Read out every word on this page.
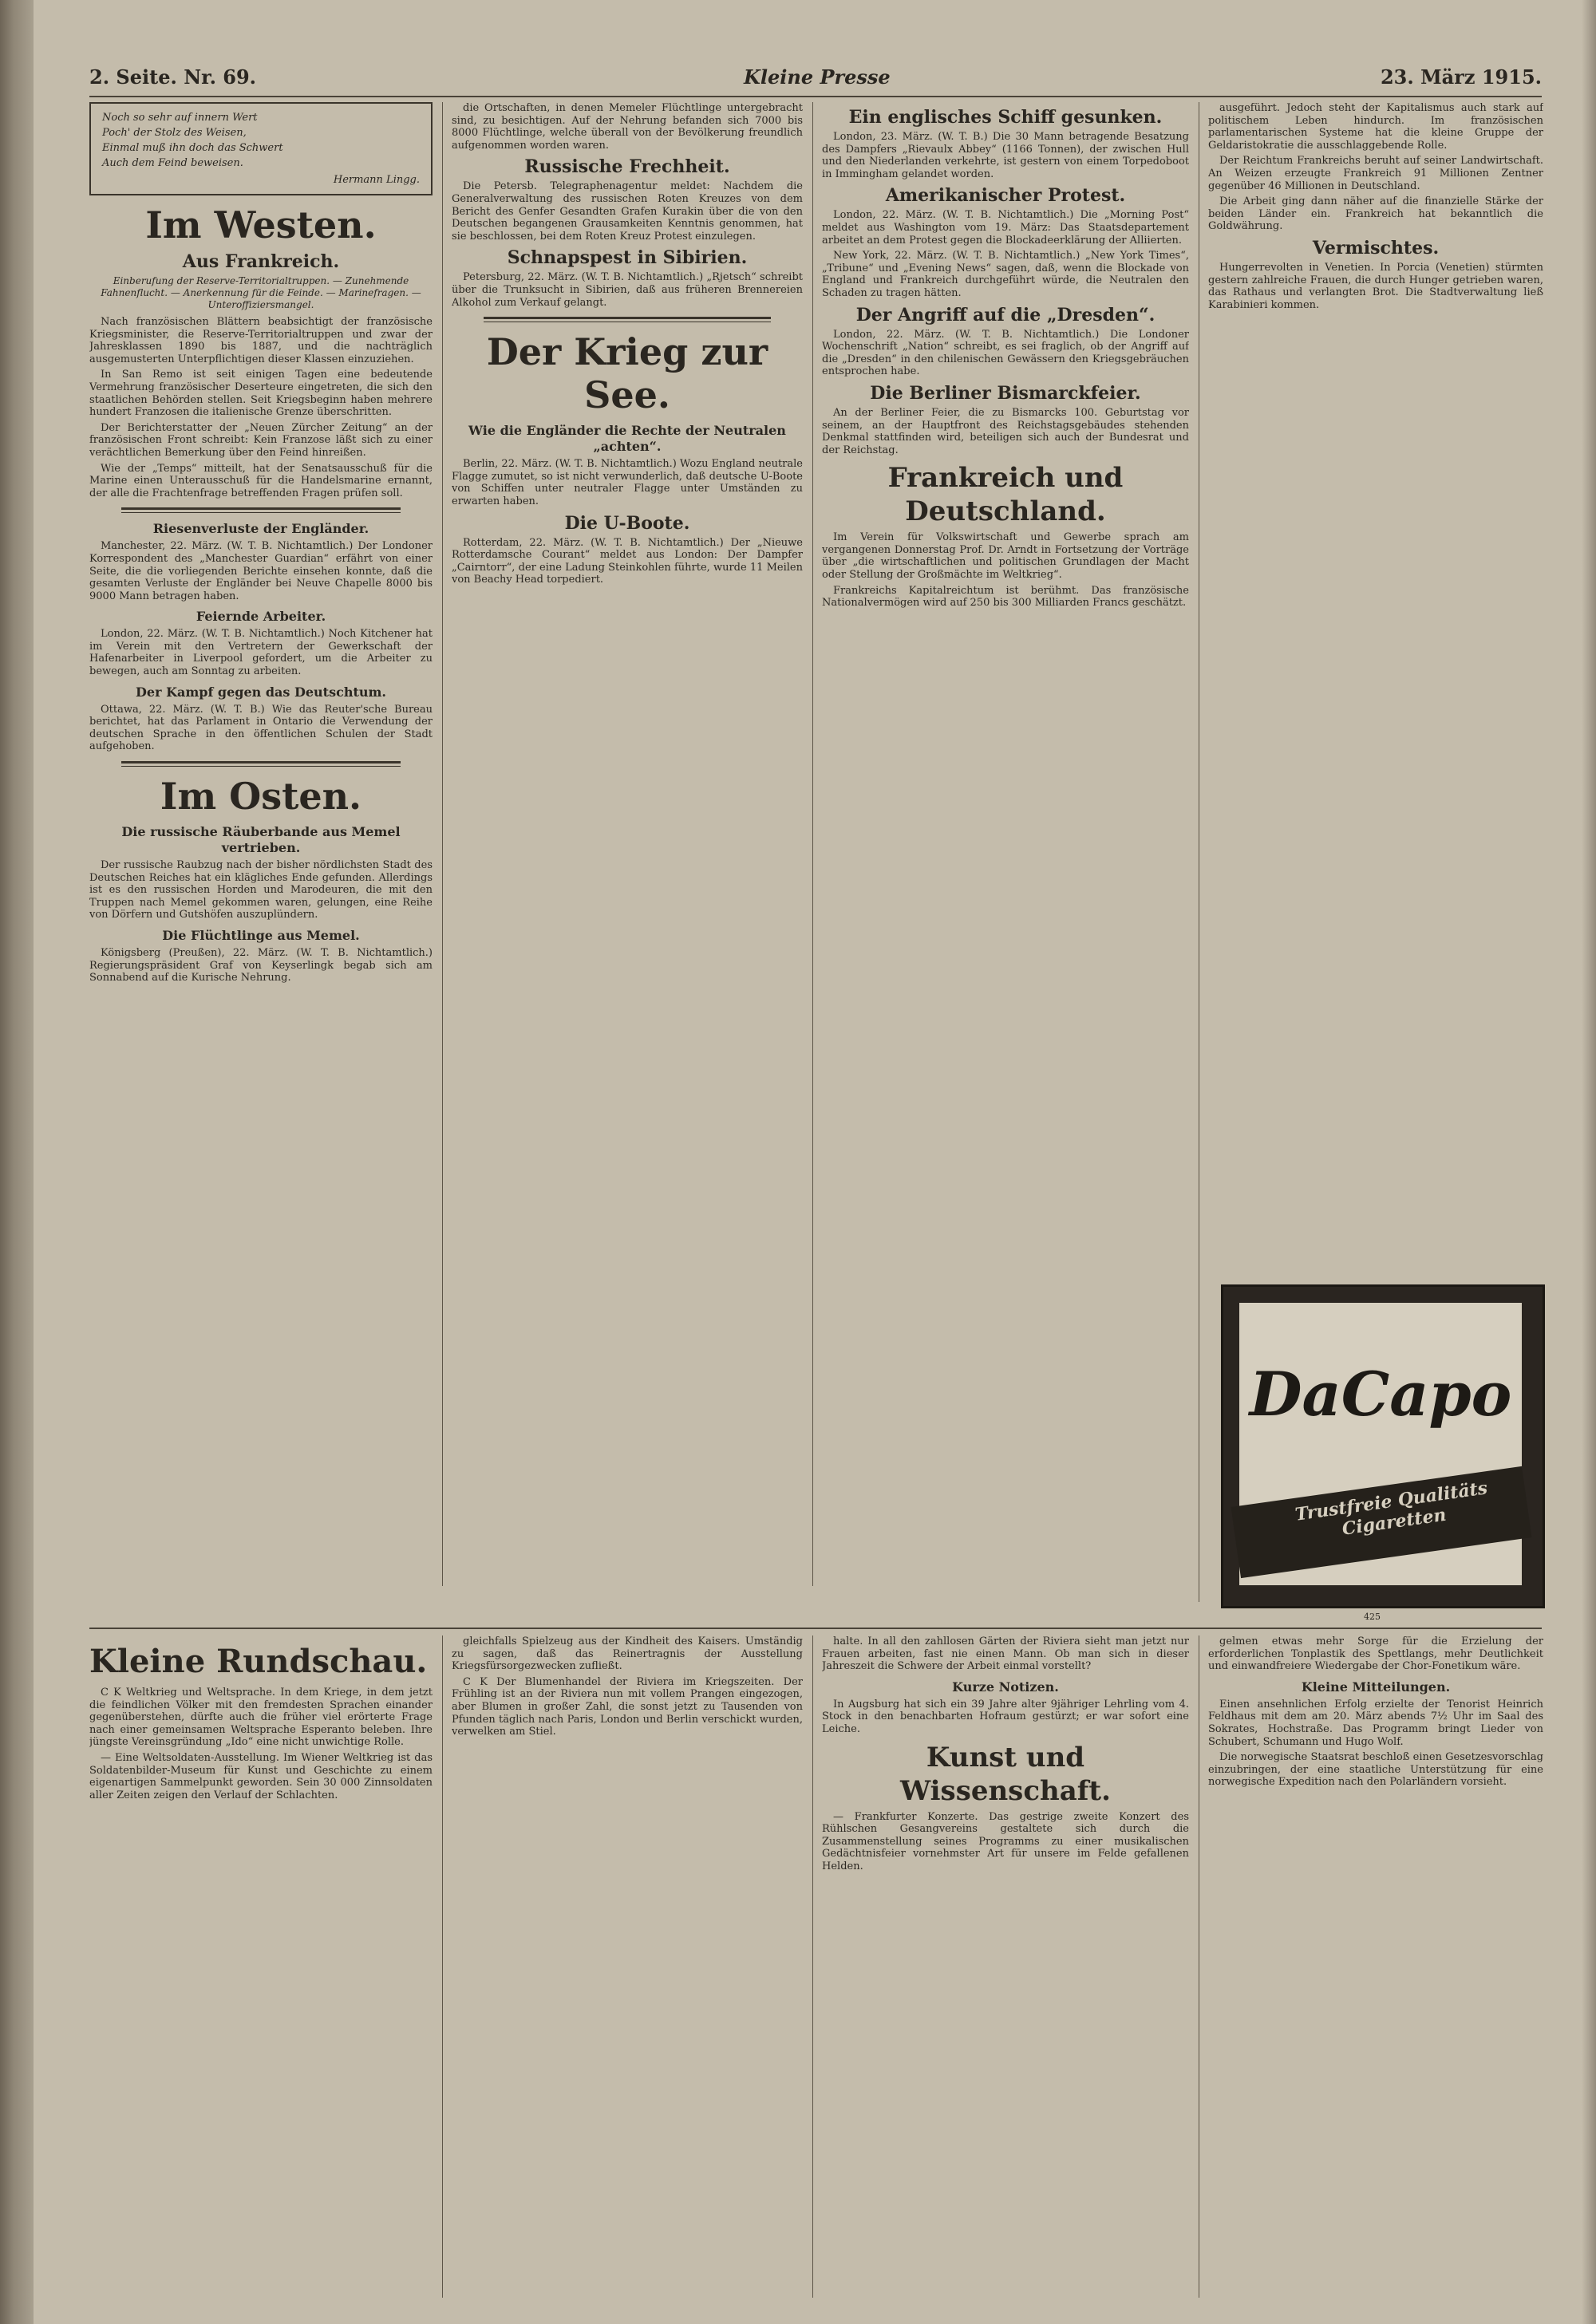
2. Seite. Nr. 69.	Kleine Presse	23. März 1915.
Noch so sehr auf innern Wert
Poch' der Stolz des Weisen,
Einmal muß ihn doch das Schwert
Auch dem Feind beweisen.
Hermann Lingg.
Im Westen.
Aus Frankreich.
Einberufung der Reserve-Territorialtruppen. — Zunehmende Fahnenflucht. — Anerkennung für die Feinde. — Marinefragen. — Unteroffiziersmangel.

Nach französischen Blättern beabsichtigt der französische Kriegsminister, die Reserve-Territorialtruppen und zwar der Jahresklassen 1890 bis 1887, und die nachträglich ausgemusterten Unterpflichtigen dieser Klassen einzuziehen.

In San Remo ist seit einigen Tagen eine bedeutende Vermehrung französischer Deserteure eingetreten, die sich den staatlichen Behörden stellen. Seit Kriegsbeginn haben mehrere hundert Franzosen die italienische Grenze überschritten.

Der Berichterstatter der „Neuen Zürcher Zeitung“ an der französischen Front schreibt: Kein Franzose läßt sich zu einer verächtlichen Bemerkung über den Feind hinreißen.

Wie der „Temps“ mitteilt, hat der Senatsausschuß für die Marine einen Unterausschuß für die Handelsmarine ernannt, der alle die Frachtenfrage betreffenden Fragen prüfen soll.

Riesenverluste der Engländer.

Manchester, 22. März. (W. T. B. Nichtamtlich.) Der Londoner Korrespondent des „Manchester Guardian“ erfährt von einer Seite, die die vorliegenden Berichte einsehen konnte, daß die gesamten Verluste der Engländer bei Neuve Chapelle 8000 bis 9000 Mann betragen haben.

Feiernde Arbeiter.

London, 22. März. (W. T. B. Nichtamtlich.) Noch Kitchener hat im Verein mit den Vertretern der Gewerkschaft der Hafenarbeiter in Liverpool gefordert, um die Arbeiter zu bewegen, auch am Sonntag zu arbeiten.

Der Kampf gegen das Deutschtum.

Ottawa, 22. März. (W. T. B.) Wie das Reuter'sche Bureau berichtet, hat das Parlament in Ontario die Verwendung der deutschen Sprache in den öffentlichen Schulen der Stadt aufgehoben.

Im Osten.
Die russische Räuberbande aus Memel vertrieben.

Der russische Raubzug nach der bisher nördlichsten Stadt des Deutschen Reiches hat ein klägliches Ende gefunden. Allerdings ist es den russischen Horden und Marodeuren, die mit den Truppen nach Memel gekommen waren, gelungen, eine Reihe von Dörfern und Gutshöfen auszuplündern.

Die Flüchtlinge aus Memel.

Königsberg (Preußen), 22. März. (W. T. B. Nichtamtlich.) Regierungspräsident Graf von Keyserlingk begab sich am Sonnabend auf die Kurische Nehrung.

die Ortschaften, in denen Memeler Flüchtlinge untergebracht sind, zu besichtigen. Auf der Nehrung befanden sich 7000 bis 8000 Flüchtlinge, welche überall von der Bevölkerung freundlich aufgenommen worden waren.

Russische Frechheit.

Die Petersb. Telegraphenagentur meldet: Nachdem die Generalverwaltung des russischen Roten Kreuzes von dem Bericht des Genfer Gesandten Grafen Kurakin über die von den Deutschen begangenen Grausamkeiten Kenntnis genommen, hat sie beschlossen, bei dem Roten Kreuz Protest einzulegen.

Schnapspest in Sibirien.

Petersburg, 22. März. (W. T. B. Nichtamtlich.) „Rjetsch“ schreibt über die Trunksucht in Sibirien, daß aus früheren Brennereien Alkohol zum Verkauf gelangt.

Der Krieg zur See.
Wie die Engländer die Rechte der Neutralen „achten“.

Berlin, 22. März. (W. T. B. Nichtamtlich.) Wozu England neutrale Flagge zumutet, so ist nicht verwunderlich, daß deutsche U-Boote von Schiffen unter neutraler Flagge unter Umständen zu erwarten haben.

Die U-Boote.

Rotterdam, 22. März. (W. T. B. Nichtamtlich.) Der „Nieuwe Rotterdamsche Courant“ meldet aus London: Der Dampfer „Cairntorr“, der eine Ladung Steinkohlen führte, wurde 11 Meilen von Beachy Head torpediert.

Ein englisches Schiff gesunken.

London, 23. März. (W. T. B.) Die 30 Mann betragende Besatzung des Dampfers „Rievaulx Abbey“ (1166 Tonnen), der zwischen Hull und den Niederlanden verkehrte, ist gestern von einem Torpedoboot in Immingham gelandet worden.

Amerikanischer Protest.

London, 22. März. (W. T. B. Nichtamtlich.) Die „Morning Post“ meldet aus Washington vom 19. März: Das Staatsdepartement arbeitet an dem Protest gegen die Blockadeerklärung der Alliierten.

New York, 22. März. (W. T. B. Nichtamtlich.) „New York Times“, „Tribune“ und „Evening News“ sagen, daß, wenn die Blockade von England und Frankreich durchgeführt würde, die Neutralen den Schaden zu tragen hätten.

Der Angriff auf die „Dresden“.

London, 22. März. (W. T. B. Nichtamtlich.) Die Londoner Wochenschrift „Nation“ schreibt, es sei fraglich, ob der Angriff auf die „Dresden“ in den chilenischen Gewässern den Kriegsgebräuchen entsprochen habe.

Die Berliner Bismarckfeier.

An der Berliner Feier, die zu Bismarcks 100. Geburtstag vor seinem, an der Hauptfront des Reichstagsgebäudes stehenden Denkmal stattfinden wird, beteiligen sich auch der Bundesrat und der Reichstag.

Frankreich und Deutschland.

Im Verein für Volkswirtschaft und Gewerbe sprach am vergangenen Donnerstag Prof. Dr. Arndt in Fortsetzung der Vorträge über „die wirtschaftlichen und politischen Grundlagen der Macht oder Stellung der Großmächte im Weltkrieg“.

Frankreichs Kapitalreichtum ist berühmt. Das französische Nationalvermögen wird auf 250 bis 300 Milliarden Francs geschätzt.

ausgeführt. Jedoch steht der Kapitalismus auch stark auf politischem Leben hindurch. Im französischen parlamentarischen Systeme hat die kleine Gruppe der Geldaristokratie die ausschlaggebende Rolle.

Der Reichtum Frankreichs beruht auf seiner Landwirtschaft. An Weizen erzeugte Frankreich 91 Millionen Zentner gegenüber 46 Millionen in Deutschland.

Die Arbeit ging dann näher auf die finanzielle Stärke der beiden Länder ein. Frankreich hat bekanntlich die Goldwährung.

Vermischtes.

Hungerrevolten in Venetien. In Porcia (Venetien) stürmten gestern zahlreiche Frauen, die durch Hunger getrieben waren, das Rathaus und verlangten Brot. Die Stadtverwaltung ließ Karabinieri kommen.

DaCapo
Trustfreie Qualitäts Cigaretten
425
Kleine Rundschau.

C K Weltkrieg und Weltsprache. In dem Kriege, in dem jetzt die feindlichen Völker mit den fremdesten Sprachen einander gegenüberstehen, dürfte auch die früher viel erörterte Frage nach einer gemeinsamen Weltsprache Esperanto beleben. Ihre jüngste Vereinsgründung „Ido“ eine nicht unwichtige Rolle.

— Eine Weltsoldaten-Ausstellung. Im Wiener Weltkrieg ist das Soldatenbilder-Museum für Kunst und Geschichte zu einem eigenartigen Sammelpunkt geworden. Sein 30 000 Zinnsoldaten aller Zeiten zeigen den Verlauf der Schlachten.

gleichfalls Spielzeug aus der Kindheit des Kaisers. Umständig zu sagen, daß das Reinertragnis der Ausstellung Kriegsfürsorgezwecken zufließt.

C K Der Blumenhandel der Riviera im Kriegszeiten. Der Frühling ist an der Riviera nun mit vollem Prangen eingezogen, aber Blumen in großer Zahl, die sonst jetzt zu Tausenden von Pfunden täglich nach Paris, London und Berlin verschickt wurden, verwelken am Stiel.

halte. In all den zahllosen Gärten der Riviera sieht man jetzt nur Frauen arbeiten, fast nie einen Mann. Ob man sich in dieser Jahreszeit die Schwere der Arbeit einmal vorstellt?

Kurze Notizen.

In Augsburg hat sich ein 39 Jahre alter 9jähriger Lehrling vom 4. Stock in den benachbarten Hofraum gestürzt; er war sofort eine Leiche.

Kunst und Wissenschaft.

— Frankfurter Konzerte. Das gestrige zweite Konzert des Rühlschen Gesangvereins gestaltete sich durch die Zusammenstellung seines Programms zu einer musikalischen Gedächtnisfeier vornehmster Art für unsere im Felde gefallenen Helden.

gelmen etwas mehr Sorge für die Erzielung der erforderlichen Tonplastik des Spettlangs, mehr Deutlichkeit und einwandfreiere Wiedergabe der Chor-Fonetikum wäre.

Kleine Mitteilungen.

Einen ansehnlichen Erfolg erzielte der Tenorist Heinrich Feldhaus mit dem am 20. März abends 7½ Uhr im Saal des Sokrates, Hochstraße. Das Programm bringt Lieder von Schubert, Schumann und Hugo Wolf.

Die norwegische Staatsrat beschloß einen Gesetzesvorschlag einzubringen, der eine staatliche Unterstützung für eine norwegische Expedition nach den Polarländern vorsieht.
